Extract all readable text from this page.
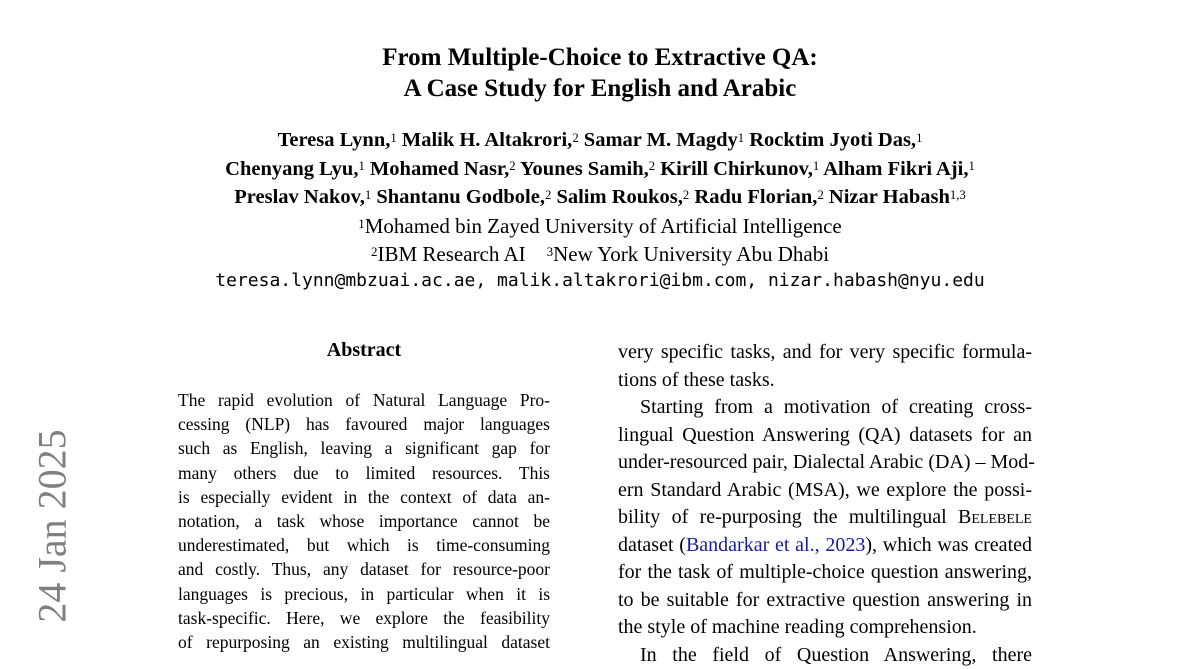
From Multiple-Choice to Extractive QA:
A Case Study for English and Arabic
Teresa Lynn,$^1$ Malik H. Altakrori,$^2$ Samar M. Magdy$^1$ Rocktim Jyoti Das,$^1$
Chenyang Lyu,$^1$ Mohamed Nasr,$^2$ Younes Samih,$^2$ Kirill Chirkunov,$^1$ Alham Fikri Aji,$^1$
Preslav Nakov,$^1$ Shantanu Godbole,$^2$ Salim Roukos,$^2$ Radu Florian,$^2$ Nizar Habash$^{1,3}$
$^1$Mohamed bin Zayed University of Artificial Intelligence
$^2$IBM Research AI $^3$New York University Abu Dhabi
teresa.lynn@mbzuai.ac.ae, malik.altakrori@ibm.com, nizar.habash@nyu.edu
Abstract
The rapid evolution of Natural Language Pro-
cessing (NLP) has favoured major languages
such as English, leaving a significant gap for
many others due to limited resources. This
is especially evident in the context of data an-
notation, a task whose importance cannot be
underestimated, but which is time-consuming
and costly. Thus, any dataset for resource-poor
languages is precious, in particular when it is
task-specific. Here, we explore the feasibility
of repurposing an existing multilingual dataset
very specific tasks, and for very specific formula-
tions of these tasks.
Starting from a motivation of creating cross-
lingual Question Answering (QA) datasets for an
under-resourced pair, Dialectal Arabic (DA) – Mod-
ern Standard Arabic (MSA), we explore the possi-
bility of re-purposing the multilingual Belebele
dataset (Bandarkar et al., 2023), which was created
for the task of multiple-choice question answering,
to be suitable for extractive question answering in
the style of machine reading comprehension.
In the field of Question Answering, there
24 Jan 2025
